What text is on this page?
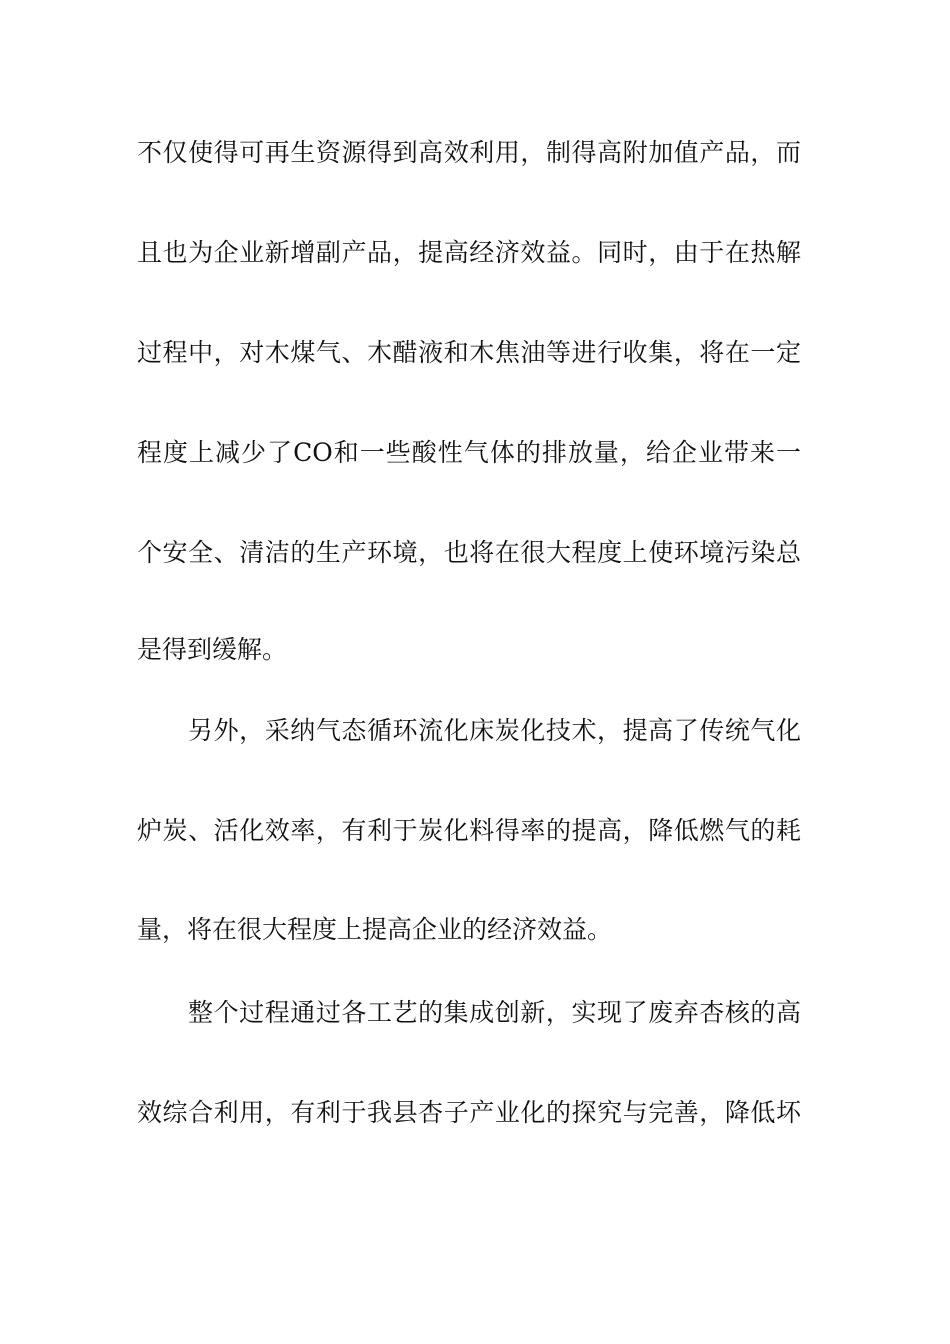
不仅使得可再生资源得到高效利用，制得高附加值产品，而
且也为企业新增副产品，提高经济效益。同时，由于在热解
过程中，对木煤气、木醋液和木焦油等进行收集，将在一定
程度上减少了CO和一些酸性气体的排放量，给企业带来一
个安全、清洁的生产环境，也将在很大程度上使环境污染总
是得到缓解。
另外，采纳气态循环流化床炭化技术，提高了传统气化
炉炭、活化效率，有利于炭化料得率的提高，降低燃气的耗
量，将在很大程度上提高企业的经济效益。
整个过程通过各工艺的集成创新，实现了废弃杏核的高
效综合利用，有利于我县杏子产业化的探究与完善，降低坏
